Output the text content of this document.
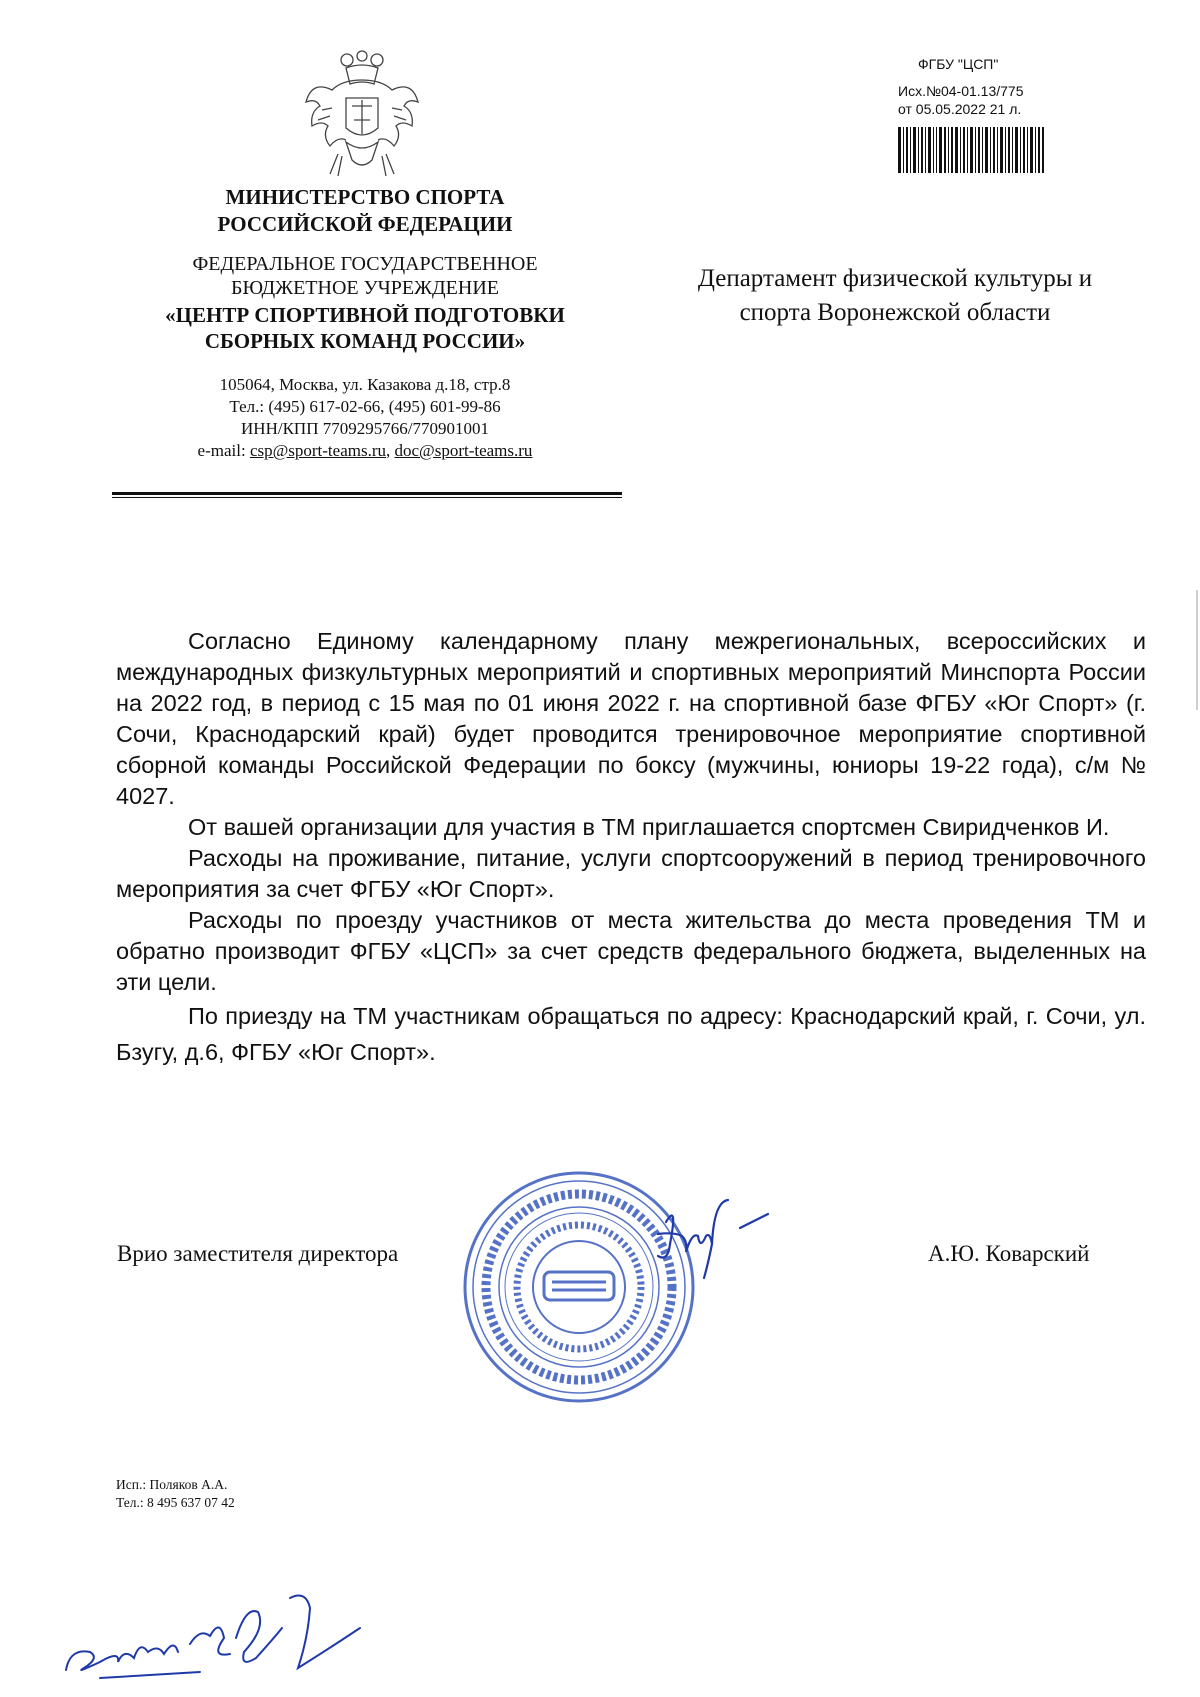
МИНИСТЕРСТВО СПОРТА
РОССИЙСКОЙ ФЕДЕРАЦИИ
ФЕДЕРАЛЬНОЕ ГОСУДАРСТВЕННОЕ
БЮДЖЕТНОЕ УЧРЕЖДЕНИЕ
«ЦЕНТР СПОРТИВНОЙ ПОДГОТОВКИ
СБОРНЫХ КОМАНД РОССИИ»
105064, Москва, ул. Казакова д.18, стр.8
Тел.: (495) 617-02-66, (495) 601-99-86
ИНН/КПП 7709295766/770901001
e-mail: csp@sport-teams.ru, doc@sport-teams.ru
ФГБУ "ЦСП"
Исх.№04-01.13/775
от 05.05.2022 21 л.
Департамент физической культуры и
спорта Воронежской области

Согласно Единому календарному плану межрегиональных, всероссийских и международных физкультурных мероприятий и спортивных мероприятий Минспорта России на 2022 год, в период с 15 мая по 01 июня 2022 г. на спортивной базе ФГБУ «Юг Спорт» (г. Сочи, Краснодарский край) будет проводится тренировочное мероприятие спортивной сборной команды Российской Федерации по боксу (мужчины, юниоры 19-22 года), с/м № 4027.

От вашей организации для участия в ТМ приглашается спортсмен Свиридченков И.

Расходы на проживание, питание, услуги спортсооружений в период тренировочного мероприятия за счет ФГБУ «Юг Спорт».

Расходы по проезду участников от места жительства до места проведения ТМ и обратно производит ФГБУ «ЦСП» за счет средств федерального бюджета, выделенных на эти цели.

По приезду на ТМ участникам обращаться по адресу: Краснодарский край, г. Сочи, ул. Бзугу, д.6, ФГБУ «Юг Спорт».

Врио заместителя директора	А.Ю. Коварский
Исп.: Поляков А.А.
Тел.: 8 495 637 07 42
